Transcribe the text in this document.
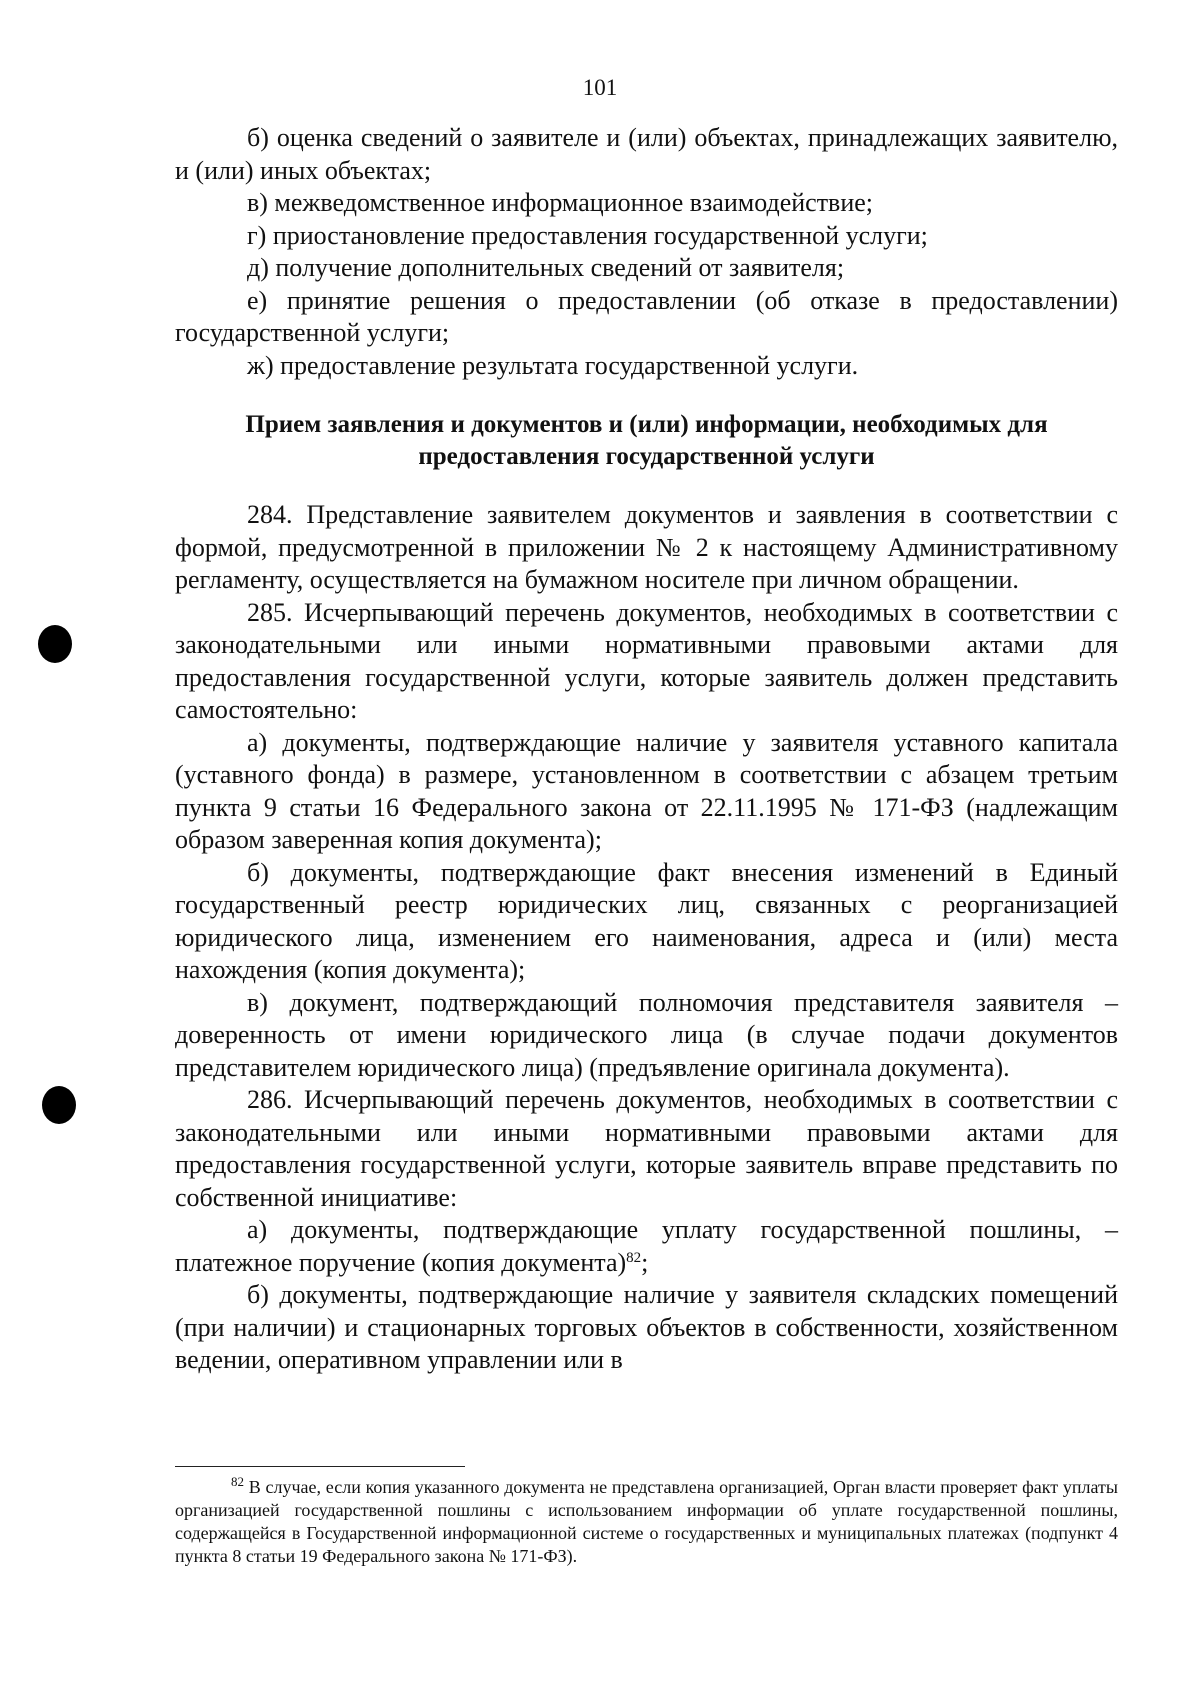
101

б) оценка сведений о заявителе и (или) объектах, принадлежащих заявителю, и (или) иных объектах;

в) межведомственное информационное взаимодействие;

г) приостановление предоставления государственной услуги;

д) получение дополнительных сведений от заявителя;

е) принятие решения о предоставлении (об отказе в предоставлении) государственной услуги;

ж) предоставление результата государственной услуги.

Прием заявления и документов и (или) информации, необходимых для предоставления государственной услуги

284. Представление заявителем документов и заявления в соответствии с формой, предусмотренной в приложении № 2 к настоящему Административному регламенту, осуществляется на бумажном носителе при личном обращении.

285. Исчерпывающий перечень документов, необходимых в соответствии с законодательными или иными нормативными правовыми актами для предоставления государственной услуги, которые заявитель должен представить самостоятельно:

а) документы, подтверждающие наличие у заявителя уставного капитала (уставного фонда) в размере, установленном в соответствии с абзацем третьим пункта 9 статьи 16 Федерального закона от 22.11.1995 № 171-ФЗ (надлежащим образом заверенная копия документа);

б) документы, подтверждающие факт внесения изменений в Единый государственный реестр юридических лиц, связанных с реорганизацией юридического лица, изменением его наименования, адреса и (или) места нахождения (копия документа);

в) документ, подтверждающий полномочия представителя заявителя – доверенность от имени юридического лица (в случае подачи документов представителем юридического лица) (предъявление оригинала документа).

286. Исчерпывающий перечень документов, необходимых в соответствии с законодательными или иными нормативными правовыми актами для предоставления государственной услуги, которые заявитель вправе представить по собственной инициативе:

а) документы, подтверждающие уплату государственной пошлины, – платежное поручение (копия документа)$^{82}$;

б) документы, подтверждающие наличие у заявителя складских помещений (при наличии) и стационарных торговых объектов в собственности, хозяйственном ведении, оперативном управлении или в

$^{82}$ В случае, если копия указанного документа не представлена организацией, Орган власти проверяет факт уплаты организацией государственной пошлины с использованием информации об уплате государственной пошлины, содержащейся в Государственной информационной системе о государственных и муниципальных платежах (подпункт 4 пункта 8 статьи 19 Федерального закона № 171-ФЗ).
